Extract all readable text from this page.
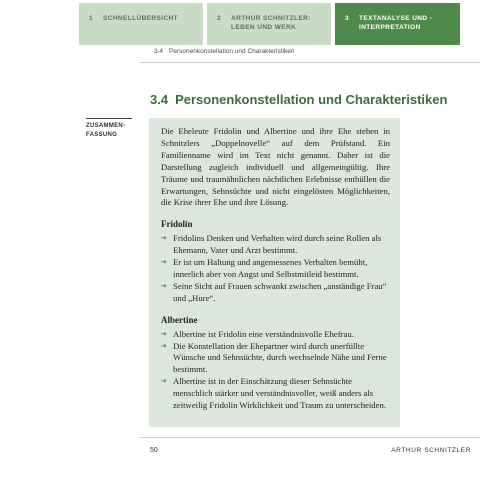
1	SCHNELLÜBERSICHT	2	ARTHUR SCHNITZLER: LEBEN UND WERK
3	TEXTANALYSE UND -INTERPRETATION
3.4 Personenkonstellation und Charakteristiken
3.4 Personenkonstellation und Charakteristiken
ZUSAMMEN-FASSUNG	Die Eheleute Fridolin und Albertine und ihre Ehe stehen in Schnitzlers „Doppelnovelle“ auf dem Prüfstand. Ein Familienname wird im Text nicht genannt. Daher ist die Darstellung zugleich individuell und allgemeingültig. Ihre Träume und traumähnlichen nächtlichen Erlebnisse enthüllen die Erwartungen, Sehnsüchte und nicht eingelösten Möglichkeiten, die Krise ihrer Ehe und ihre Lösung.

Fridolin
➔ Fridolins Denken und Verhalten wird durch seine Rollen als Ehemann, Vater und Arzt bestimmt.
➔ Er ist um Haltung und angemessenes Verhalten bemüht, innerlich aber von Angst und Selbstmitleid bestimmt.
➔ Seine Sicht auf Frauen schwankt zwischen „anständige Frau“ und „Hure“.
Albertine
➔ Albertine ist Fridolin eine verständnisvolle Ehefrau.
➔ Die Konstellation der Ehepartner wird durch unerfüllte Wünsche und Sehnsüchte, durch wechselnde Nähe und Ferne bestimmt.
➔ Albertine ist in der Einschätzung dieser Sehnsüchte menschlich stärker und verständnisvoller, weiß anders als zeitweilig Fridolin Wirklichkeit und Traum zu unterscheiden.
50	ARTHUR SCHNITZLER
